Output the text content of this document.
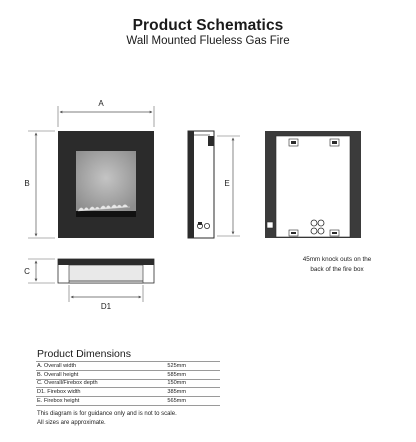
Product Schematics
Wall Mounted Flueless Gas Fire
A
B
C
D1
E
45mm knock outs on the
back of the fire box
Product Dimensions
A. Overall width	525mm
B. Overall height	585mm
C. Overall/Firebox depth	150mm
D1. Firebox width	385mm
E. Firebox height	565mm
This diagram is for guidance only and is not to scale.
All sizes are approximate.
